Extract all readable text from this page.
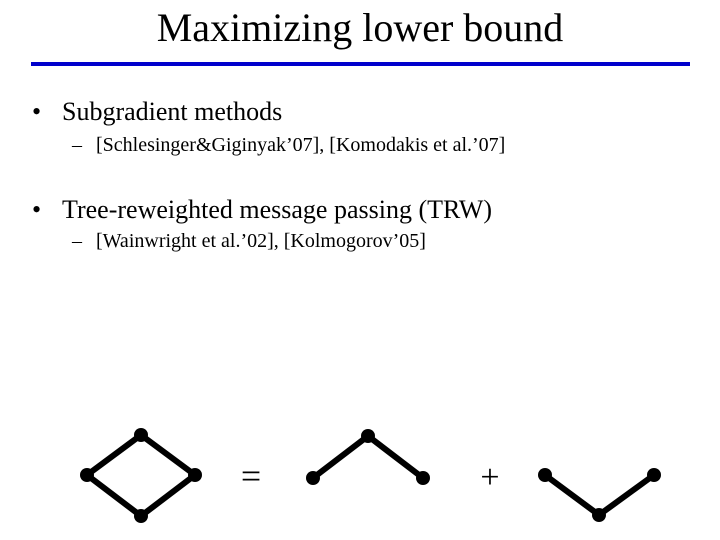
Maximizing lower bound
• Subgradient methods
– [Schlesinger&Giginyak’07], [Komodakis et al.’07]
• Tree-reweighted message passing (TRW)
– [Wainwright et al.’02], [Kolmogorov’05]
=	+
